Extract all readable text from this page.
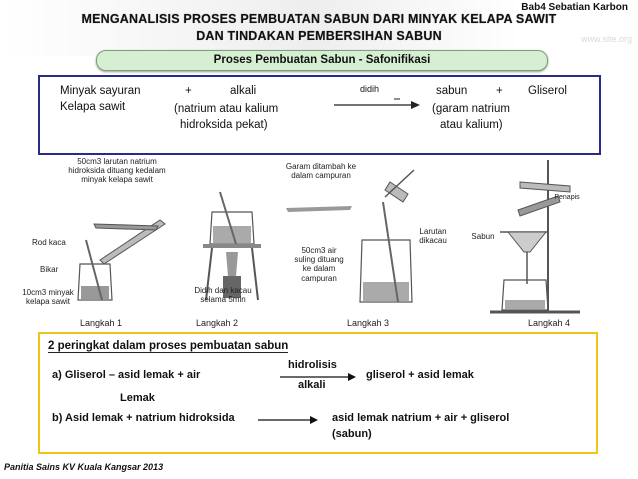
www.site.org
Bab4 Sebatian Karbon
MENGANALISIS PROSES PEMBUATAN SABUN DARI MINYAK KELAPA SAWIT
DAN TINDAKAN PEMBERSIHAN SABUN
Proses Pembuatan Sabun - Safonifikasi
Minyak sayuran
Kelapa sawit
+	alkali
(natrium atau kalium
hidroksida pekat)
didih	sabun + Gliserol
(garam natrium
atau kalium)
50cm3 larutan natrium hidroksida dituang kedalam minyak kelapa sawit
Rod kaca
Bikar
10cm3 minyak kelapa sawit
Didih dan kacau selama 5min
Garam ditambah ke dalam campuran
50cm3 air suling dituang ke dalam campuran
Larutan dikacau	Sabun
Penapis
Langkah 1	Langkah 2	Langkah 3	Langkah 4
2 peringkat dalam proses pembuatan sabun
a) Gliserol – asid lemak + air
hidrolisis
alkali
gliserol + asid lemak
Lemak
b) Asid lemak + natrium hidroksida	asid lemak natrium + air + gliserol
(sabun)
Panitia Sains KV Kuala Kangsar 2013
